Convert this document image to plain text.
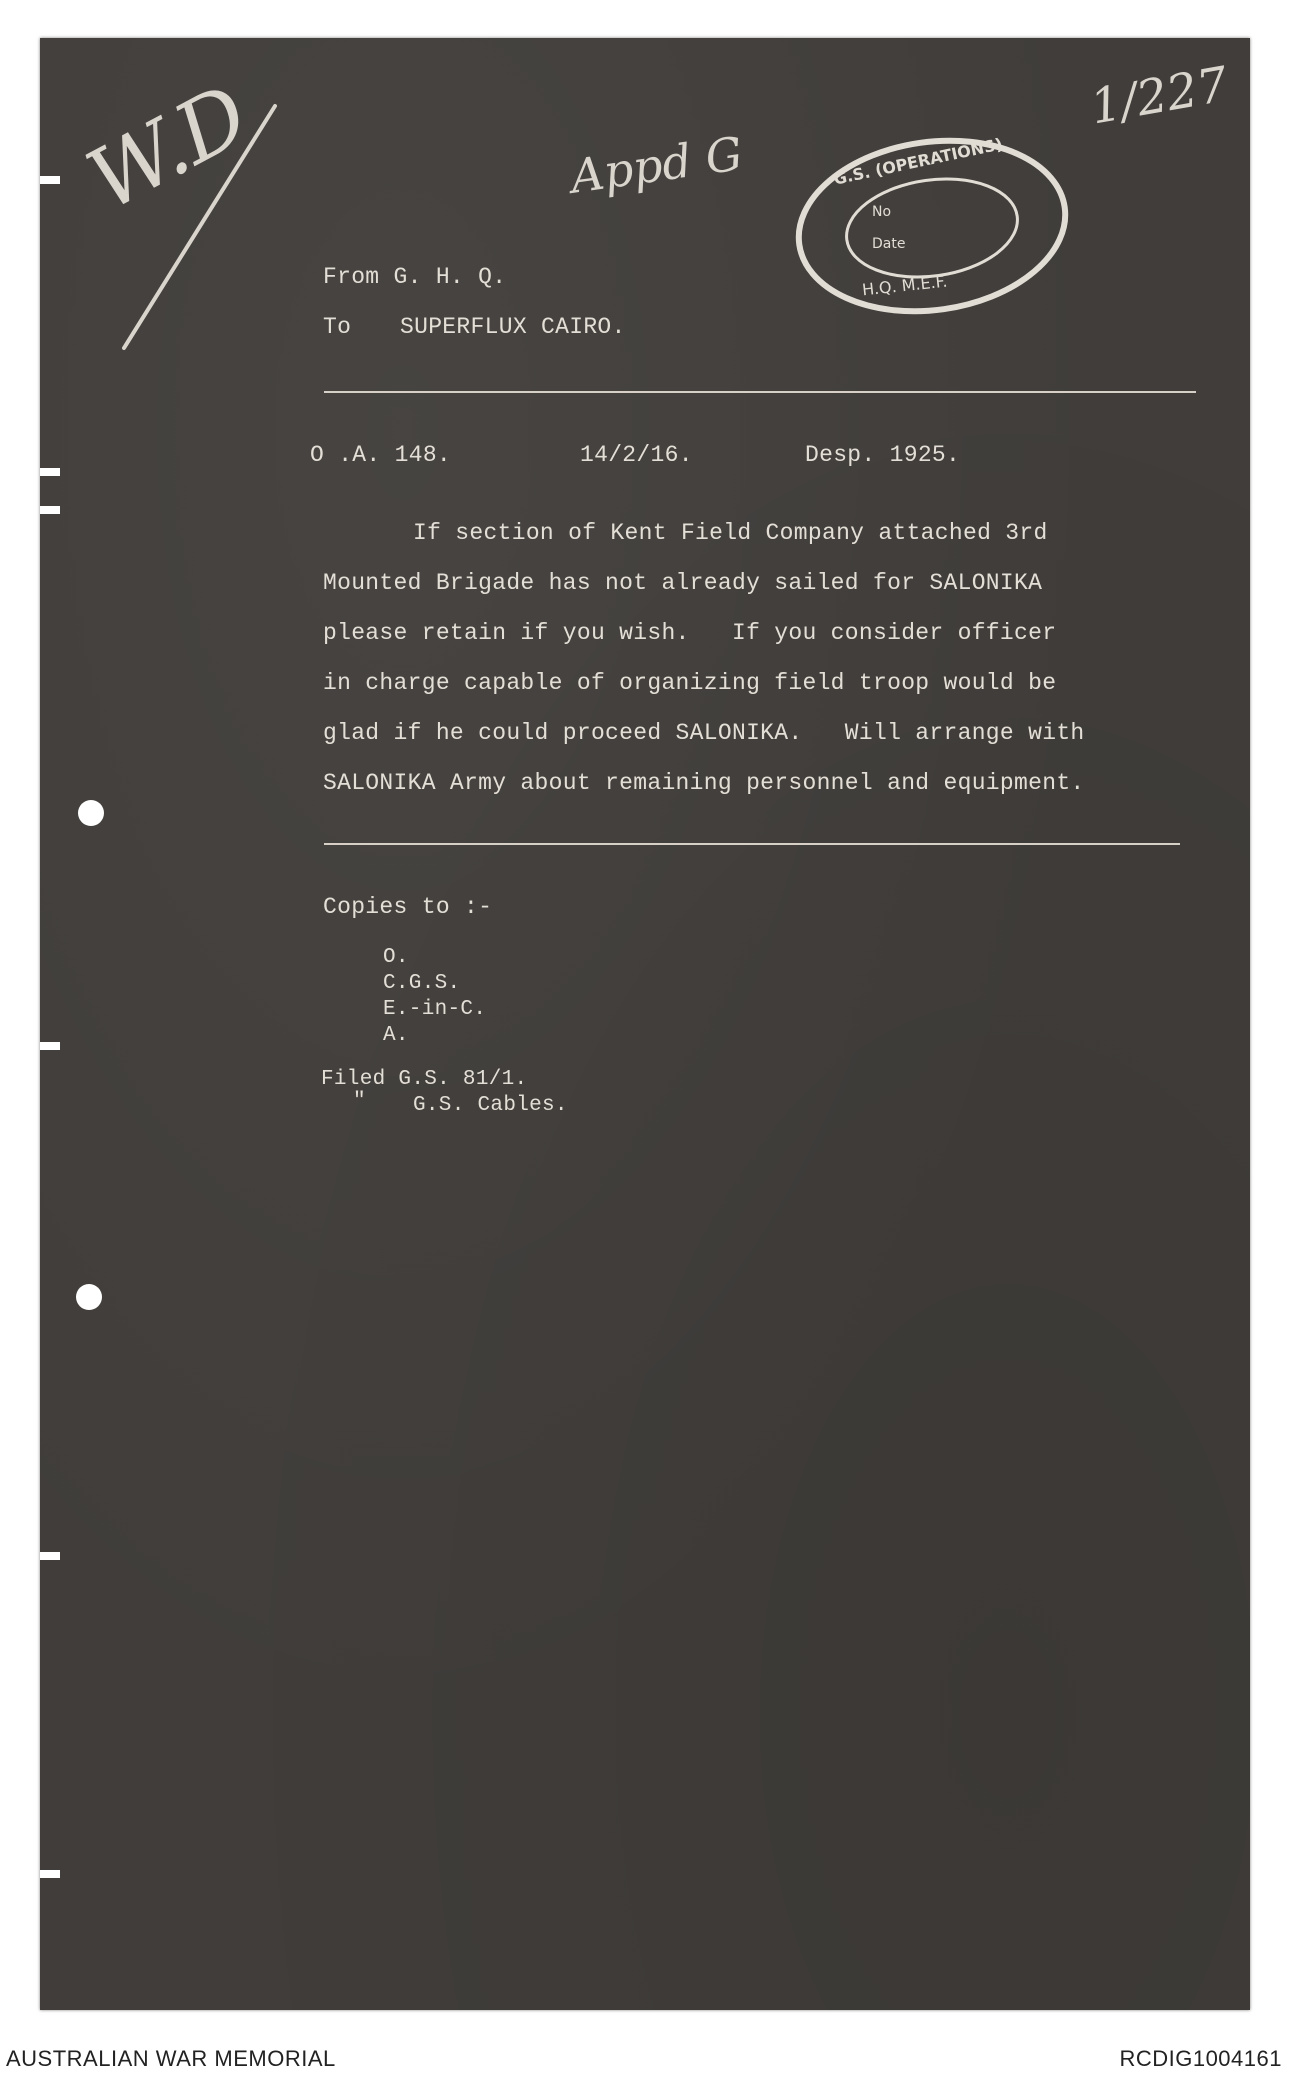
W.D	Appd G
1/227
G.S. (OPERATIONS)
No
Date
H.Q. M.E.F.
From G. H. Q.
To SUPERFLUX CAIRO.
O .A. 148.	14/2/16.	Desp. 1925.
If section of Kent Field Company attached 3rd
Mounted Brigade has not already sailed for SALONIKA
please retain if you wish.   If you consider officer
in charge capable of organizing field troop would be
glad if he could proceed SALONIKA.   Will arrange with
SALONIKA Army about remaining personnel and equipment.
Copies to :-
O.
C.G.S.
E.-in-C.
A.
Filed G.S. 81/1.
" G.S. Cables.
AUSTRALIAN WAR MEMORIAL	RCDIG1004161
